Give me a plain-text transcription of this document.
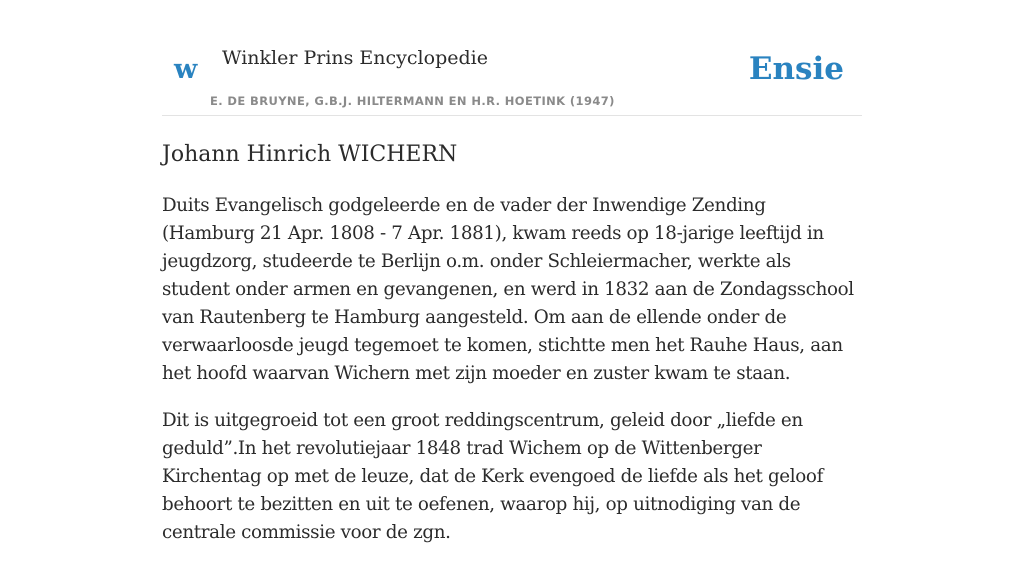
w Winkler Prins Encyclopedie
E. DE BRUYNE, G.B.J. HILTERMANN EN H.R. HOETINK (1947)
Ensie
Johann Hinrich WICHERN

Duits Evangelisch godgeleerde en de vader der Inwendige Zending (Hamburg 21 Apr. 1808 - 7 Apr. 1881), kwam reeds op 18-jarige leeftijd in jeugdzorg, studeerde te Berlijn o.m. onder Schleiermacher, werkte als student onder armen en gevangenen, en werd in 1832 aan de Zondagsschool van Rautenberg te Hamburg aangesteld. Om aan de ellende onder de verwaarloosde jeugd tegemoet te komen, stichtte men het Rauhe Haus, aan het hoofd waarvan Wichern met zijn moeder en zuster kwam te staan.

Dit is uitgegroeid tot een groot reddingscentrum, geleid door „liefde en geduld”.In het revolutiejaar 1848 trad Wichem op de Wittenberger Kirchentag op met de leuze, dat de Kerk evengoed de liefde als het geloof behoort te bezitten en uit te oefenen, waarop hij, op uitnodiging van de centrale commissie voor de zgn.
